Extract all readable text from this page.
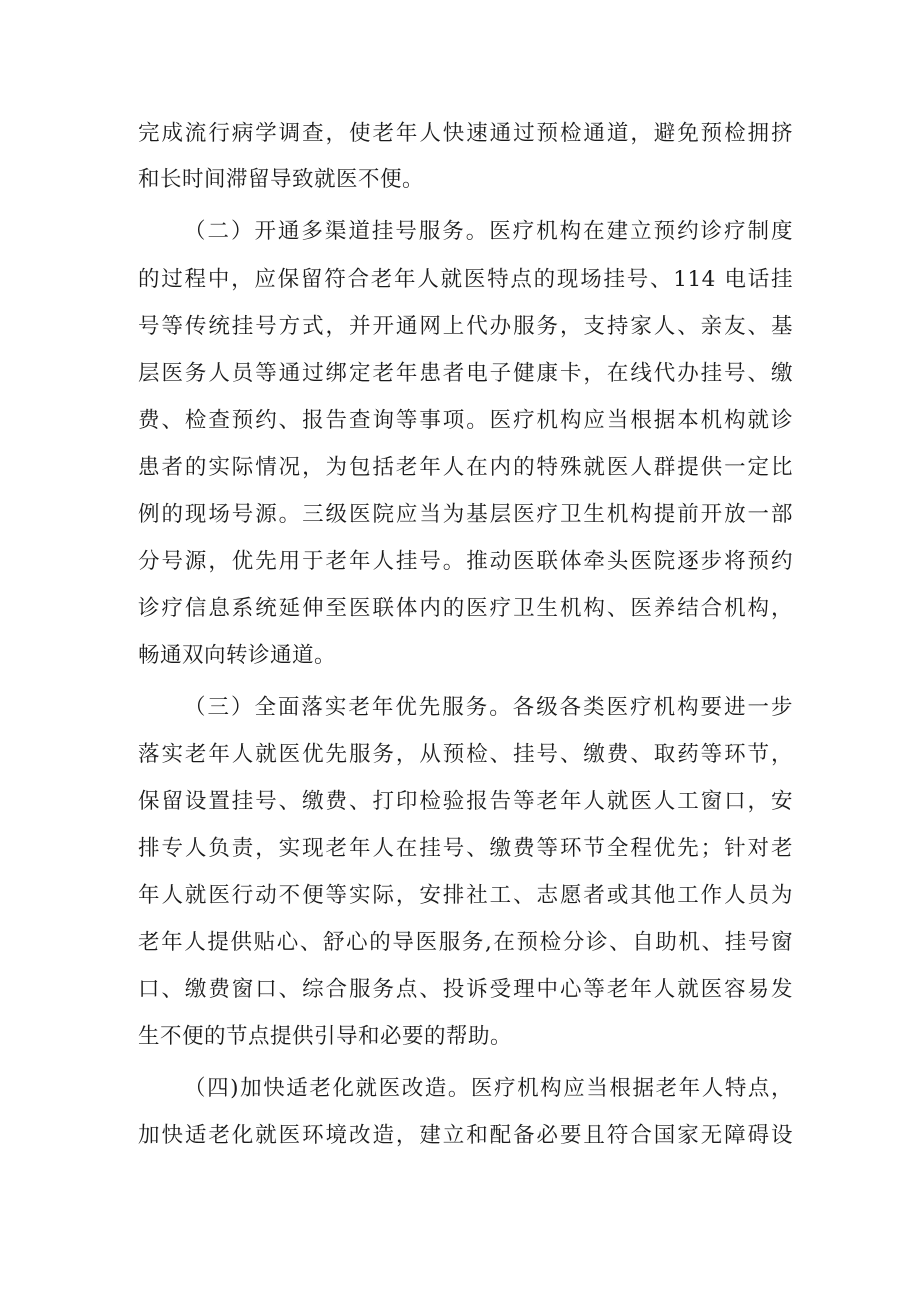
完成流行病学调查，使老年人快速通过预检通道，避免预检拥挤
和长时间滞留导致就医不便。
（二）开通多渠道挂号服务。医疗机构在建立预约诊疗制度
的过程中，应保留符合老年人就医特点的现场挂号、114 电话挂
号等传统挂号方式，并开通网上代办服务，支持家人、亲友、基
层医务人员等通过绑定老年患者电子健康卡，在线代办挂号、缴
费、检查预约、报告查询等事项。医疗机构应当根据本机构就诊
患者的实际情况，为包括老年人在内的特殊就医人群提供一定比
例的现场号源。三级医院应当为基层医疗卫生机构提前开放一部
分号源，优先用于老年人挂号。推动医联体牵头医院逐步将预约
诊疗信息系统延伸至医联体内的医疗卫生机构、医养结合机构，
畅通双向转诊通道。
（三）全面落实老年优先服务。各级各类医疗机构要进一步
落实老年人就医优先服务，从预检、挂号、缴费、取药等环节，
保留设置挂号、缴费、打印检验报告等老年人就医人工窗口，安
排专人负责，实现老年人在挂号、缴费等环节全程优先；针对老
年人就医行动不便等实际，安排社工、志愿者或其他工作人员为
老年人提供贴心、舒心的导医服务,在预检分诊、自助机、挂号窗
口、缴费窗口、综合服务点、投诉受理中心等老年人就医容易发
生不便的节点提供引导和必要的帮助。
（四)加快适老化就医改造。医疗机构应当根据老年人特点，
加快适老化就医环境改造，建立和配备必要且符合国家无障碍设
